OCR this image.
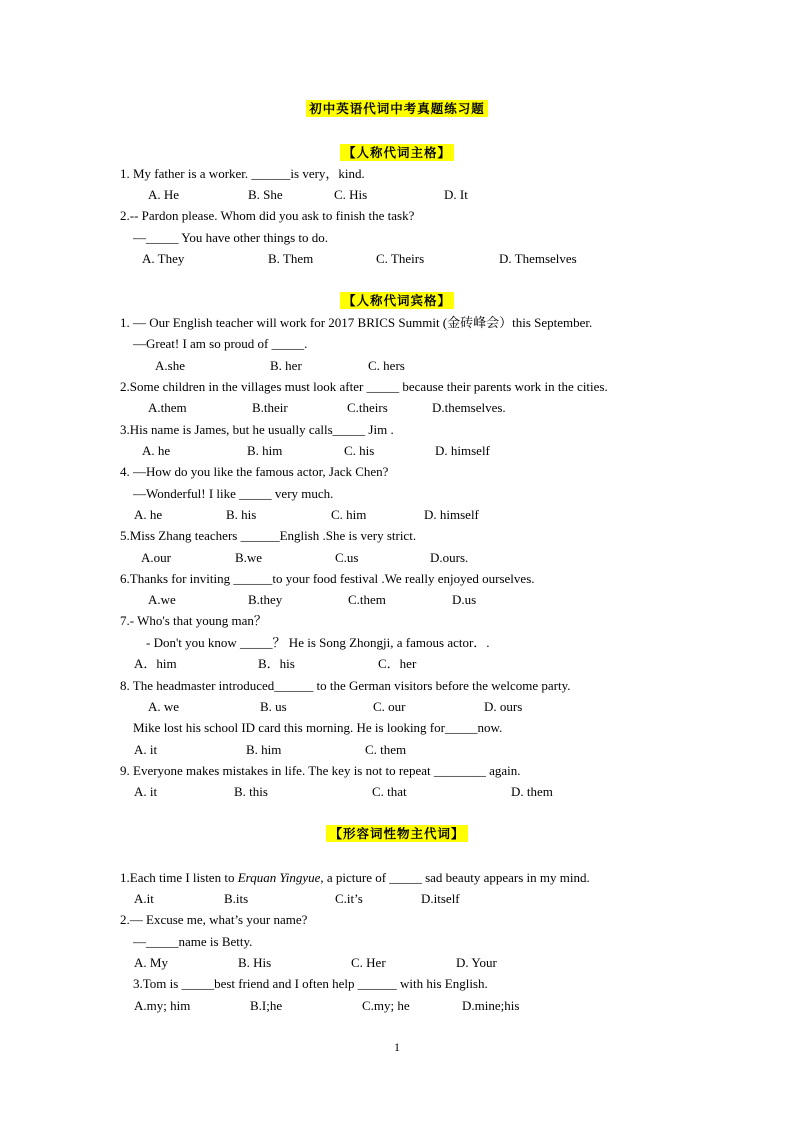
初中英语代词中考真题练习题
【人称代词主格】
1. My father is a worker. ______is very，kind.
A. He	B. She	C. His	D. It
2.-- Pardon please. Whom did you ask to finish the task?
—_____ You have other things to do.
A. They	B. Them	C. Theirs	D. Themselves
【人称代词宾格】
1. — Our English teacher will work for 2017 BRICS Summit (金砖峰会）this September.
—Great! I am so proud of _____.
A.she	B. her	C. hers
2.Some children in the villages must look after _____ because their parents work in the cities.
A.them	B.their	C.theirs	D.themselves.
3.His name is James, but he usually calls_____ Jim .
A. he	B. him	C. his	D. himself
4. —How do you like the famous actor, Jack Chen?
—Wonderful! I like _____ very much.
A. he	B. his	C. him	D. himself
5.Miss Zhang teachers ______English .She is very strict.
A.our	B.we	C.us	D.ours.
6.Thanks for inviting ______to your food festival .We really enjoyed ourselves.
A.we	B.they	C.them	D.us
7.- Who's that young man？
- Don't you know _____？ He is Song Zhongji, a famous actor．.
A．him	B．his	C．her
8. The headmaster introduced______ to the German visitors before the welcome party.
A. we	B. us	C. our	D. ours
Mike lost his school ID card this morning. He is looking for_____now.
A. it	B. him	C. them
9. Everyone makes mistakes in life. The key is not to repeat ________ again.
A. it	B. this	C. that	D. them
【形容词性物主代词】
1.Each time I listen to Erquan Yingyue, a picture of _____ sad beauty appears in my mind.
A.it	B.its	C.it’s	D.itself
2.— Excuse me, what’s your name?
—_____name is Betty.
A. My	B. His	C. Her	D. Your
3.Tom is _____best friend and I often help ______ with his English.
A.my; him	B.I;he	C.my; he	D.mine;his
1
